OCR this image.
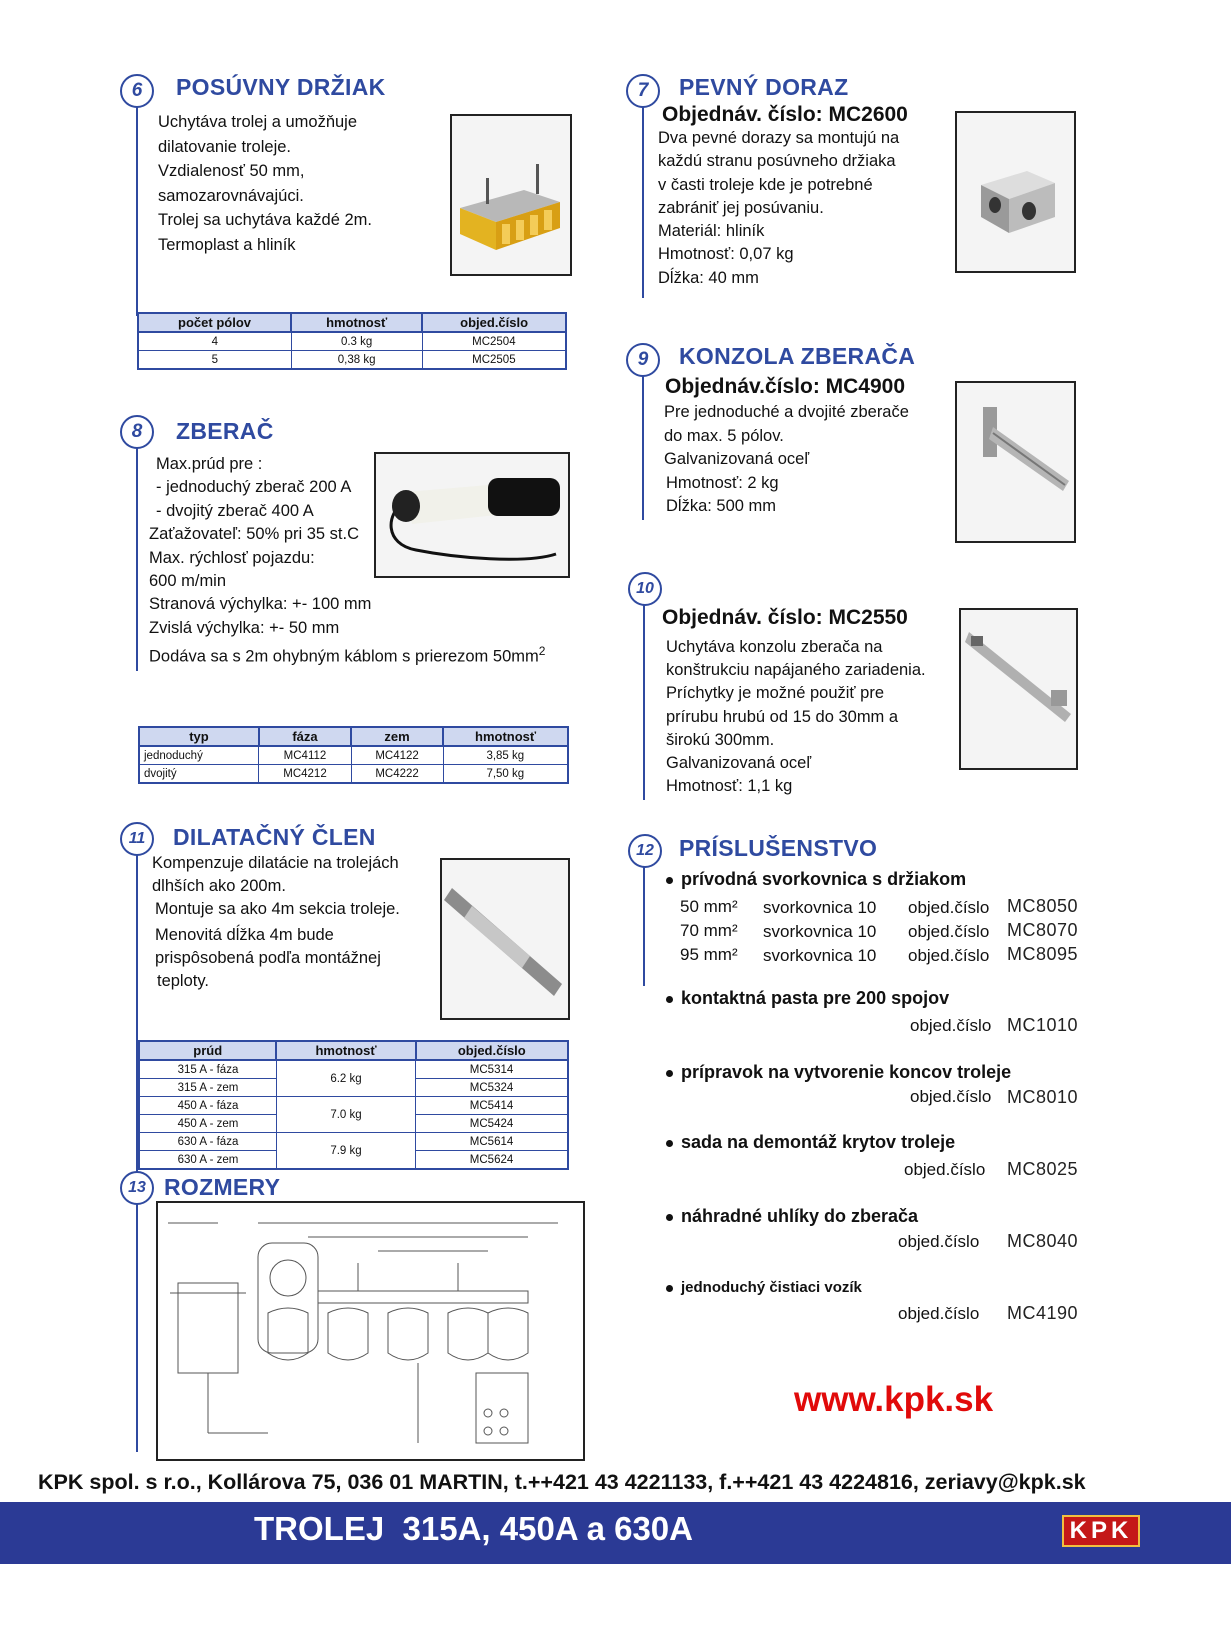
6	POSÚVNY DRŽIAK
Uchytáva trolej a umožňuje
dilatovanie troleje.
Vzdialenosť 50 mm,
samozarovnávajúci.
Trolej sa uchytáva každé 2m.
Termoplast a hliník
počet pólov	hmotnosť	objed.číslo
4	0.3 kg	MC2504
5	0,38 kg	MC2505
7	PEVNÝ DORAZ
Objednáv. číslo: MC2600
Dva pevné dorazy sa montujú na
každú stranu posúvneho držiaka
v časti troleje kde je potrebné
zabrániť jej posúvaniu.
Materiál: hliník
Hmotnosť: 0,07 kg
Dĺžka: 40 mm
8	ZBERAČ
Max.prúd pre :
- jednoduchý zberač 200 A
- dvojitý zberač 400 A
Zaťažovateľ: 50% pri 35 st.C
Max. rýchlosť pojazdu:
600 m/min
Stranová výchylka: +- 100 mm
Zvislá výchylka: +- 50 mm
Dodáva sa s 2m ohybným káblom s prierezom $50mm^2$
typ	fáza	zem	hmotnosť
jednoduchý	MC4112	MC4122	3,85 kg
dvojitý	MC4212	MC4222	7,50 kg
9	KONZOLA ZBERAČA
Objednáv.číslo: MC4900
Pre jednoduché a dvojité zberače
do max. 5 pólov.
Galvanizovaná oceľ
Hmotnosť: 2 kg
Dĺžka: 500 mm
10
Objednáv. číslo: MC2550
Uchytáva konzolu zberača na
konštrukciu napájaného zariadenia.
Príchytky je možné použiť pre
prírubu hrubú od 15 do 30mm a
širokú 300mm.
Galvanizovaná oceľ
Hmotnosť: 1,1 kg
11	DILATAČNÝ ČLEN
Kompenzuje dilatácie na trolejách
dlhších ako 200m.
Montuje sa ako 4m sekcia troleje.
Menovitá dĺžka 4m bude
prispôsobená podľa montážnej
teploty.
prúd	hmotnosť	objed.číslo
315 A - fáza	6.2 kg	MC5314
315 A - zem		MC5324
450 A - fáza	7.0 kg	MC5414
450 A - zem		MC5424
630 A - fáza	7.9 kg	MC5614
630 A - zem		MC5624
13 ROZMERY
12	PRÍSLUŠENSTVO
prívodná svorkovnica s držiakom
50 mm² svorkovnica 10 objed.číslo MC8050
70 mm² svorkovnica 10 objed.číslo MC8070
95 mm² svorkovnica 10 objed.číslo MC8095
kontaktná pasta pre 200 spojov
objed.číslo MC1010
prípravok na vytvorenie koncov troleje
objed.číslo MC8010
sada na demontáž krytov troleje
objed.číslo MC8025
náhradné uhlíky do zberača
objed.číslo MC8040
jednoduchý čistiaci vozík
objed.číslo MC4190
www.kpk.sk
KPK spol. s r.o., Kollárova 75, 036 01 MARTIN, t.++421 43 4221133, f.++421 43 4224816, zeriavy@kpk.sk
TROLEJ  315A, 450A a 630A	KPK
